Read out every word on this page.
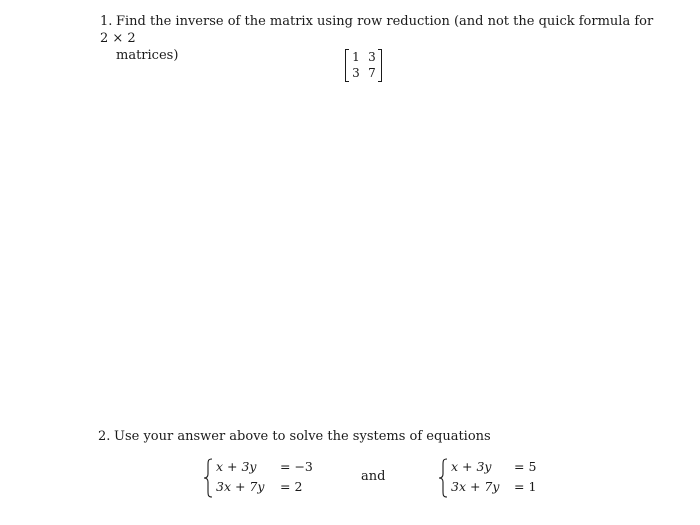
1. Find the inverse of the matrix using row reduction (and not the quick formula for 2 × 2
matrices)	1 3
3 7
2. Use your answer above to solve the systems of equations
x + 3y = −3
3x + 7y = 2
and
x + 3y = 5
3x + 7y = 1
